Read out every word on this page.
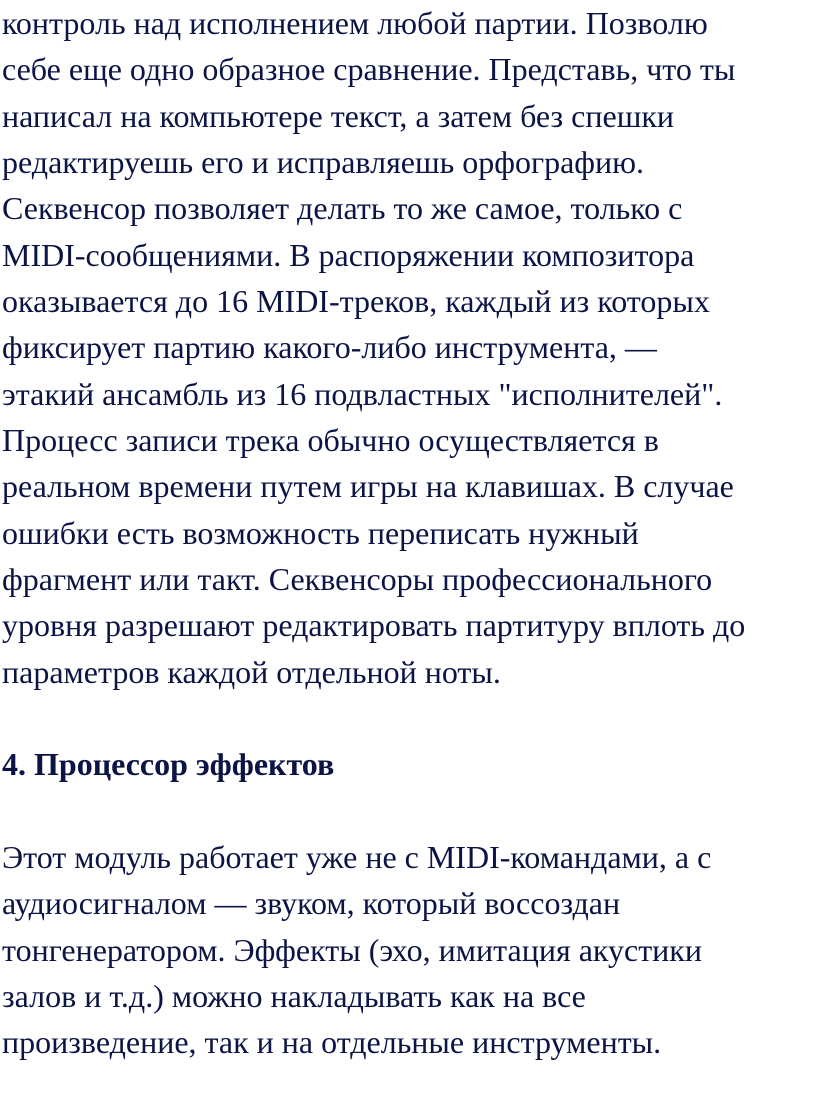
контроль над исполнением любой партии. Позволю
себе еще одно образное сравнение. Представь, что ты
написал на компьютере текст, а затем без спешки
редактируешь его и исправляешь орфографию.
Секвенсор позволяет делать то же самое, только с
MIDI-сообщениями. В распоряжении композитора
оказывается до 16 MIDI-треков, каждый из которых
фиксирует партию какого-либо инструмента, —
этакий ансамбль из 16 подвластных "исполнителей".
Процесс записи трека обычно осуществляется в
реальном времени путем игры на клавишах. В случае
ошибки есть возможность переписать нужный
фрагмент или такт. Секвенсоры профессионального
уровня разрешают редактировать партитуру вплоть до
параметров каждой отдельной ноты.
4. Процессор эффектов
Этот модуль работает уже не с MIDI-командами, а с
аудиосигналом — звуком, который воссоздан
тонгенератором. Эффекты (эхо, имитация акустики
залов и т.д.) можно накладывать как на все
произведение, так и на отдельные инструменты.
